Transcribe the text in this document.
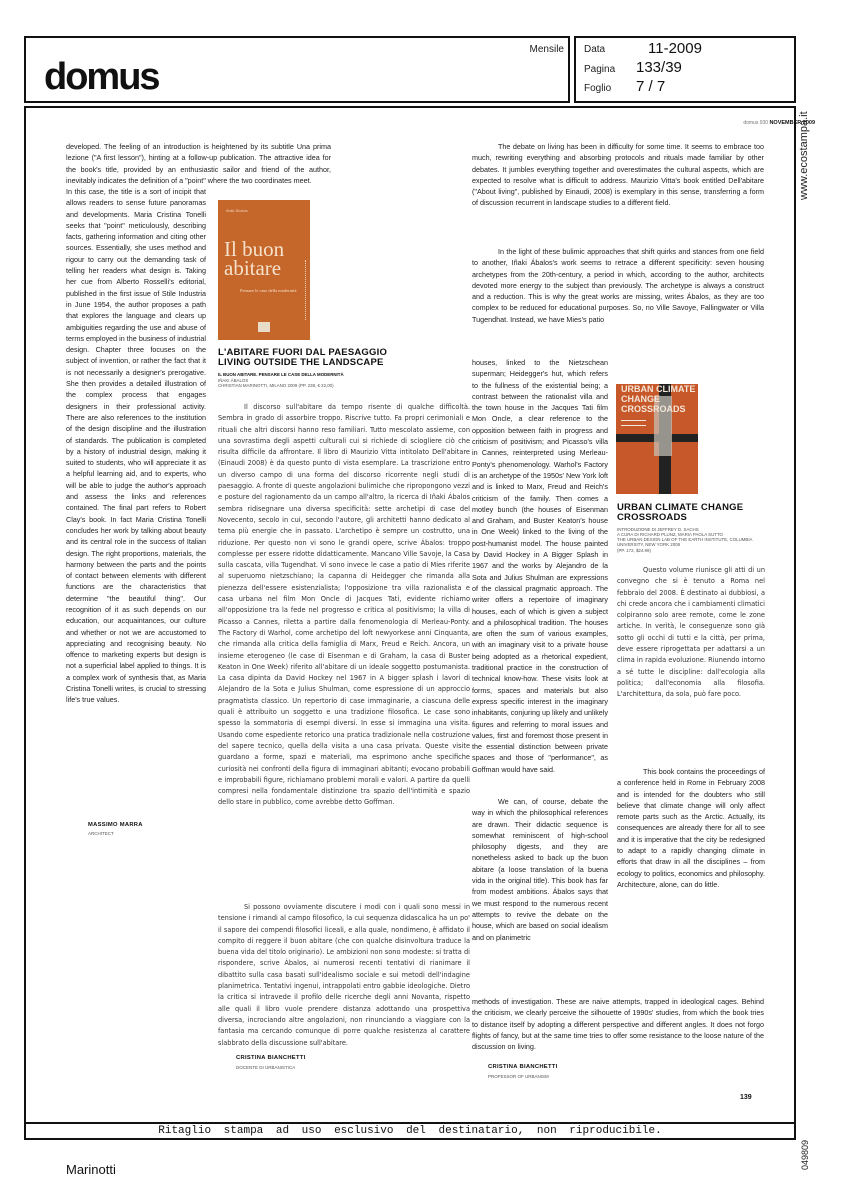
domus
Mensile Data	11-2009
Pagina 133/39
Foglio 7 / 7
www.ecostampa.it
049809
domus 930 NOVEMBER 2009
developed. The feeling of an introduction is heightened by its subtitle Una prima lezione ("A first lesson"), hinting at a follow-up publication. The attractive idea for the book's title, provided by an enthusiastic sailor and friend of the author, inevitably indicates the definition of a "point" where the two coordinates meet.
In this case, the title is a sort of incipit that allows readers to sense future panoramas and developments. Maria Cristina Tonelli seeks that "point" meticulously, describing facts, gathering information and citing other sources. Essentially, she uses method and rigour to carry out the demanding task of telling her readers what design is. Taking her cue from Alberto Rosselli's editorial, published in the first issue of Stile Industria in June 1954, the author proposes a path that explores the language and clears up ambiguities regarding the use and abuse of terms employed in the business of industrial design. Chapter three focuses on the subject of invention, or rather the fact that it is not necessarily a designer's prerogative. She then provides a detailed illustration of the complex process that engages designers in their professional activity. There are also references to the institution of the design discipline and the illustration of standards. The publication is completed by a history of industrial design, making it suited to students, who will appreciate it as a helpful learning aid, and to experts, who will be able to judge the author's approach and assess the links and references contained. The final part refers to Robert Clay's book. In fact Maria Cristina Tonelli concludes her work by talking about beauty and its central role in the success of Italian design. The right proportions, materials, the harmony between the parts and the points of contact between elements with different functions are the characteristics that determine "the beautiful thing". Our recognition of it as such depends on our education, our acquaintances, our culture and whether or not we are accustomed to appreciating and recognising beauty. No offence to marketing experts but design is not a superficial label applied to things. It is a complex work of synthesis that, as Maria Cristina Tonelli writes, is crucial to stressing life's true values.
MASSIMO MARRA
ARCHITECT
Iñaki Ábalos
Il buon abitare
Pensare le case della modernità
L'ABITARE FUORI DAL PAESAGGIO
LIVING OUTSIDE THE LANDSCAPE
IL BUON ABITARE. PENSARE LE CASE DELLA MODERNITÀ
IÑAKI ÁBALOS
CHRISTIAN MARINOTTI, MILANO 2009 (PP. 238, € 22,00)
Il discorso sull'abitare da tempo risente di qualche difficoltà. Sembra in grado di assorbire troppo. Riscrive tutto. Fa propri cerimoniali e rituali che altri discorsi hanno reso familiari. Tutto mescolato assieme, con una sovrastima degli aspetti culturali cui si richiede di sciogliere ciò che risulta difficile da affrontare. Il libro di Maurizio Vitta intitolato Dell'abitare (Einaudi 2008) è da questo punto di vista esemplare. La trascrizione entro un diverso campo di una forma del discorso ricorrente negli studi di paesaggio. A fronte di queste angolazioni bulimiche che ripropongono vezzi e posture del ragionamento da un campo all'altro, la ricerca di Iñaki Ábalos sembra ridisegnare una diversa specificità: sette archetipi di case del Novecento, secolo in cui, secondo l'autore, gli architetti hanno dedicato al tema più energie che in passato. L'archetipo è sempre un costrutto, una riduzione. Per questo non vi sono le grandi opere, scrive Ábalos: troppo complesse per essere ridotte didatticamente. Mancano Ville Savoje, la Casa sulla cascata, villa Tugendhat. Vi sono invece le case a patio di Mies riferite al superuomo nietzschiano; la capanna di Heidegger che rimanda alla pienezza dell'essere esistenzialista; l'opposizione tra villa razionalista e casa urbana nel film Mon Oncle di Jacques Tati, evidente richiamo all'opposizione tra la fede nel progresso e critica al positivismo; la villa di Picasso a Cannes, riletta a partire dalla fenomenologia di Merleau-Ponty. The Factory di Warhol, come archetipo del loft newyorkese anni Cinquanta, che rimanda alla critica della famiglia di Marx, Freud e Reich. Ancora, un insieme eterogeneo (le case di Eisenman e di Graham, la casa di Buster Keaton in One Week) riferito all'abitare di un ideale soggetto postumanista. La casa dipinta da David Hockey nel 1967 in A bigger splash i lavori di Alejandro de la Sota e Julius Shulman, come espressione di un approccio pragmatista classico. Un repertorio di case immaginarie, a ciascuna delle quali è attribuito un soggetto e una tradizione filosofica. Le case sono spesso la sommatoria di esempi diversi. In esse si immagina una visita. Usando come espediente retorico una pratica tradizionale nella costruzione del sapere tecnico, quella della visita a una casa privata. Queste visite guardano a forme, spazi e materiali, ma esprimono anche specifiche curiosità nei confronti della figura di immaginari abitanti; evocano probabili e improbabili figure, richiamano problemi morali e valori. A partire da quelli compresi nella fondamentale distinzione tra spazio dell'intimità e spazio dello stare in pubblico, come avrebbe detto Goffman.
Si possono ovviamente discutere i modi con i quali sono messi in tensione i rimandi al campo filosofico, la cui sequenza didascalica ha un po' il sapore dei compendi filosofici liceali, e alla quale, nondimeno, è affidato il compito di reggere il buon abitare (che con qualche disinvoltura traduce la buena vida del titolo originario). Le ambizioni non sono modeste: si tratta di rispondere, scrive Ábalos, ai numerosi recenti tentativi di rianimare il dibattito sulla casa basati sull'idealismo sociale e sui metodi dell'indagine planimetrica. Tentativi ingenui, intrappolati entro gabbie ideologiche. Dietro la critica si intravede il profilo delle ricerche degli anni Novanta, rispetto alle quali il libro vuole prendere distanza adottando una prospettiva diversa, incrociando altre angolazioni, non rinunciando a viaggiare con la fantasia ma cercando comunque di porre qualche resistenza al carattere slabbrato della discussione sull'abitare.
CRISTINA BIANCHETTI
DOCENTE DI URBANISTICA
The debate on living has been in difficulty for some time. It seems to embrace too much, rewriting everything and absorbing protocols and rituals made familiar by other debates. It jumbles everything together and overestimates the cultural aspects, which are expected to resolve what is difficult to address. Maurizio Vitta's book entitled Dell'abitare ("About living", published by Einaudi, 2008) is exemplary in this sense, transferring a form of discussion recurrent in landscape studies to a different field.
In the light of these bulimic approaches that shift quirks and stances from one field to another, Iñaki Ábalos's work seems to retrace a different specificity: seven housing archetypes from the 20th-century, a period in which, according to the author, architects devoted more energy to the subject than previously. The archetype is always a construct and a reduction. This is why the great works are missing, writes Ábalos, as they are too complex to be reduced for educational purposes. So, no Ville Savoye, Fallingwater or Villa Tugendhat. Instead, we have Mies's patio
houses, linked to the Nietzschean superman; Heidegger's hut, which refers to the fullness of the existential being; a contrast between the rationalist villa and the town house in the Jacques Tati film Mon Oncle, a clear reference to the opposition between faith in progress and criticism of positivism; and Picasso's villa in Cannes, reinterpreted using Merleau-Ponty's phenomenology. Warhol's Factory is an archetype of the 1950s' New York loft and is linked to Marx, Freud and Reich's criticism of the family. Then comes a motley bunch (the houses of Eisenman and Graham, and Buster Keaton's house in One Week) linked to the living of the post-humanist model. The house painted by David Hockey in A Bigger Splash in 1967 and the works by Alejandro de la Sota and Julius Shulman are expressions of the classical pragmatic approach. The writer offers a repertoire of imaginary houses, each of which is given a subject and a philosophical tradition. The houses are often the sum of various examples, with an imaginary visit to a private house being adopted as a rhetorical expedient, traditional practice in the construction of technical know-how. These visits look at forms, spaces and materials but also express specific interest in the imaginary inhabitants, conjuring up likely and unlikely figures and referring to moral issues and values, first and foremost those present in the essential distinction between private spaces and those of "performance", as Goffman would have said.
We can, of course, debate the way in which the philosophical references are drawn. Their didactic sequence is somewhat reminiscent of high-school philosophy digests, and they are nonetheless asked to back up the buon abitare (a loose translation of la buena vida in the original title). This book has far from modest ambitions. Ábalos says that we must respond to the numerous recent attempts to revive the debate on the house, which are based on social idealism and on planimetric
methods of investigation. These are naive attempts, trapped in ideological cages. Behind the criticism, we clearly perceive the silhouette of 1990s' studies, from which the book tries to distance itself by adopting a different perspective and different angles. It does not forgo flights of fancy, but at the same time tries to offer some resistance to the loose nature of the discussion on living.
CRISTINA BIANCHETTI
PROFESSOR OF URBANISM
URBAN CLIMATE CHANGE CROSSROADS
URBAN CLIMATE CHANGE CROSSROADS
INTRODUZIONE DI JEFFREY D. SACHS
A CURA DI RICHARD PLUNZ, MARIA PAOLA SUTTO
THE URBAN DESIGN LAB OF THE EARTH INSTITUTE, COLUMBIA UNIVERSITY, NEW YORK 2008
(PP. 172, $24.99)
Questo volume riunisce gli atti di un convegno che si è tenuto a Roma nel febbraio del 2008. È destinato ai dubbiosi, a chi crede ancora che i cambiamenti climatici colpiranno solo aree remote, come le zone artiche. In verità, le conseguenze sono già sotto gli occhi di tutti e la città, per prima, deve essere riprogettata per adattarsi a un clima in rapida evoluzione. Riunendo intorno a sé tutte le discipline: dall'ecologia alla politica; dall'economia alla filosofia. L'architettura, da sola, può fare poco.
This book contains the proceedings of a conference held in Rome in February 2008 and is intended for the doubters who still believe that climate change will only affect remote parts such as the Arctic. Actually, its consequences are already there for all to see and it is imperative that the city be redesigned to adapt to a rapidly changing climate in efforts that draw in all the disciplines – from ecology to politics, economics and philosophy. Architecture, alone, can do little.
139
Ritaglio stampa ad uso esclusivo del destinatario, non riproducibile.
Marinotti
